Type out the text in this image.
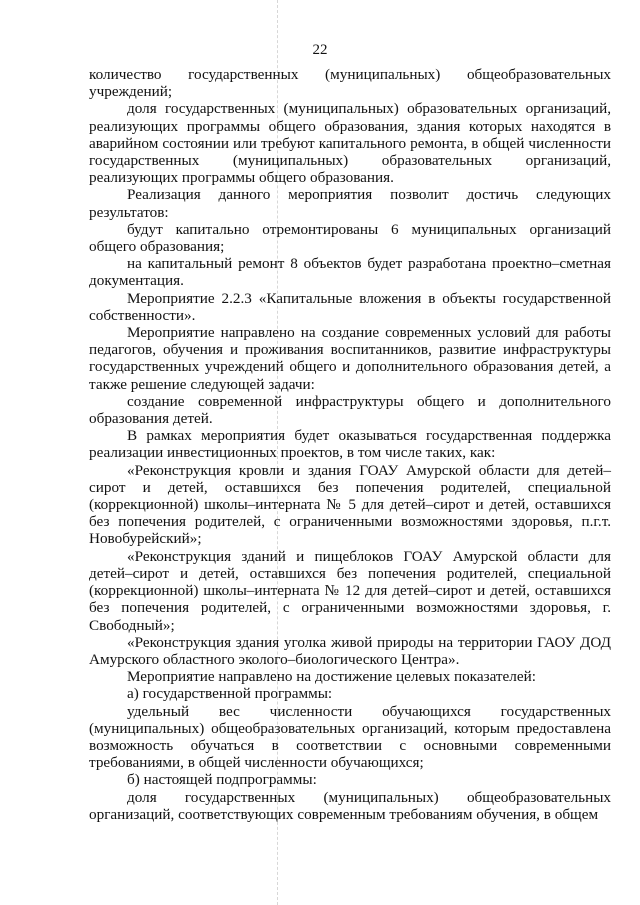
22

количество государственных (муниципальных) общеобразовательных учреждений;

доля государственных (муниципальных) образовательных организаций, реализующих программы общего образования, здания которых находятся в аварийном состоянии или требуют капитального ремонта, в общей численности государственных (муниципальных) образовательных организаций, реализующих программы общего образования.

Реализация данного мероприятия позволит достичь следующих результатов:

будут капитально отремонтированы 6 муниципальных организаций общего образования;

на капитальный ремонт 8 объектов будет разработана проектно–сметная документация.

Мероприятие 2.2.3 «Капитальные вложения в объекты государственной собственности».

Мероприятие направлено на создание современных условий для работы педагогов, обучения и проживания воспитанников, развитие инфраструктуры государственных учреждений общего и дополнительного образования детей, а также решение следующей задачи:

создание современной инфраструктуры общего и дополнительного образования детей.

В рамках мероприятия будет оказываться государственная поддержка реализации инвестиционных проектов, в том числе таких, как:

«Реконструкция кровли и здания ГОАУ Амурской области для детей–сирот и детей, оставшихся без попечения родителей, специальной (коррекционной) школы–интерната № 5 для детей–сирот и детей, оставшихся без попечения родителей, с ограниченными возможностями здоровья, п.г.т. Новобурейский»;

«Реконструкция зданий и пищеблоков ГОАУ Амурской области для детей–сирот и детей, оставшихся без попечения родителей, специальной (коррекционной) школы–интерната № 12 для детей–сирот и детей, оставшихся без попечения родителей, с ограниченными возможностями здоровья, г. Свободный»;

«Реконструкция здания уголка живой природы на территории ГАОУ ДОД Амурского областного эколого–биологического Центра».

Мероприятие направлено на достижение целевых показателей:

а) государственной программы:

удельный вес численности обучающихся государственных (муниципальных) общеобразовательных организаций, которым предоставлена возможность обучаться в соответствии с основными современными требованиями, в общей численности обучающихся;

б) настоящей подпрограммы:

доля государственных (муниципальных) общеобразовательных организаций, соответствующих современным требованиям обучения, в общем
